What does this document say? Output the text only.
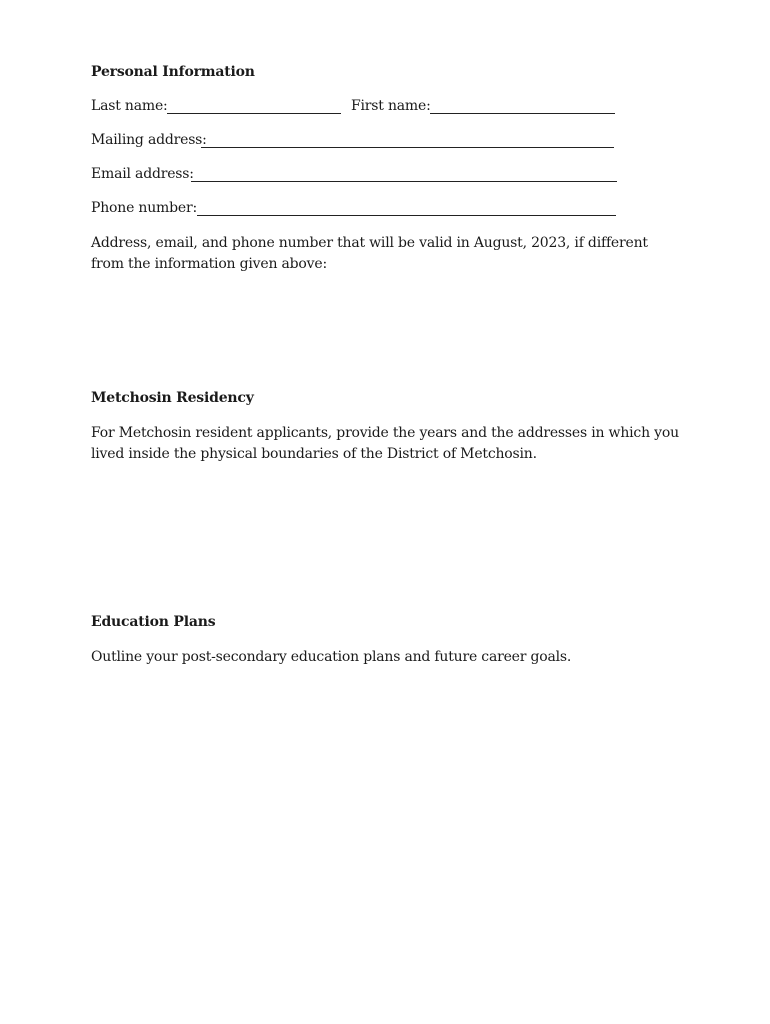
Personal Information
Last name:	First name:
Mailing address:
Email address:
Phone number:
Address, email, and phone number that will be valid in August, 2023, if different from the information given above:
Metchosin Residency
For Metchosin resident applicants, provide the years and the addresses in which you lived inside the physical boundaries of the District of Metchosin.
Education Plans
Outline your post-secondary education plans and future career goals.
